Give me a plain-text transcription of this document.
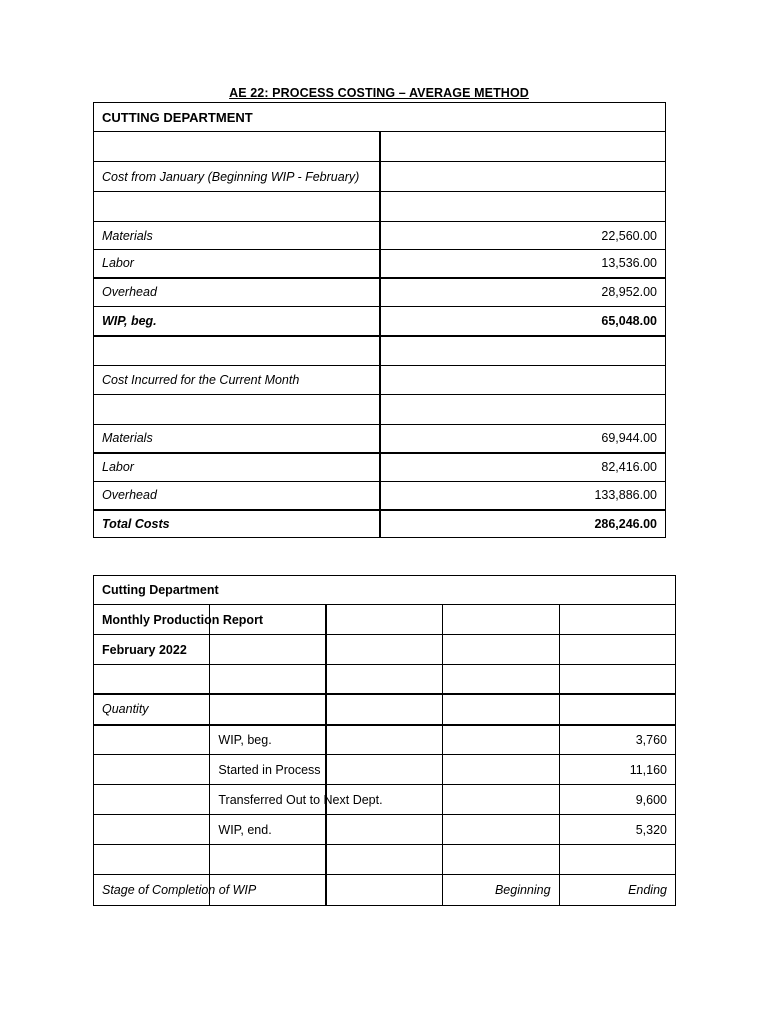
AE 22: PROCESS COSTING – AVERAGE METHOD
CUTTING DEPARTMENT	

Cost from January (Beginning WIP - February)	

Materials	22,560.00
Labor	13,536.00
Overhead	28,952.00
WIP, beg.	65,048.00

Cost Incurred for the Current Month	

Materials	69,944.00
Labor	82,416.00
Overhead	133,886.00
Total Costs	286,246.00
Cutting Department				
Monthly Production Report				
February 2022				

Quantity				
	WIP, beg.			3,760
	Started in Process			11,160
	Transferred Out to Next Dept.			9,600
	WIP, end.			5,320

Stage of Completion of WIP			Beginning	Ending
